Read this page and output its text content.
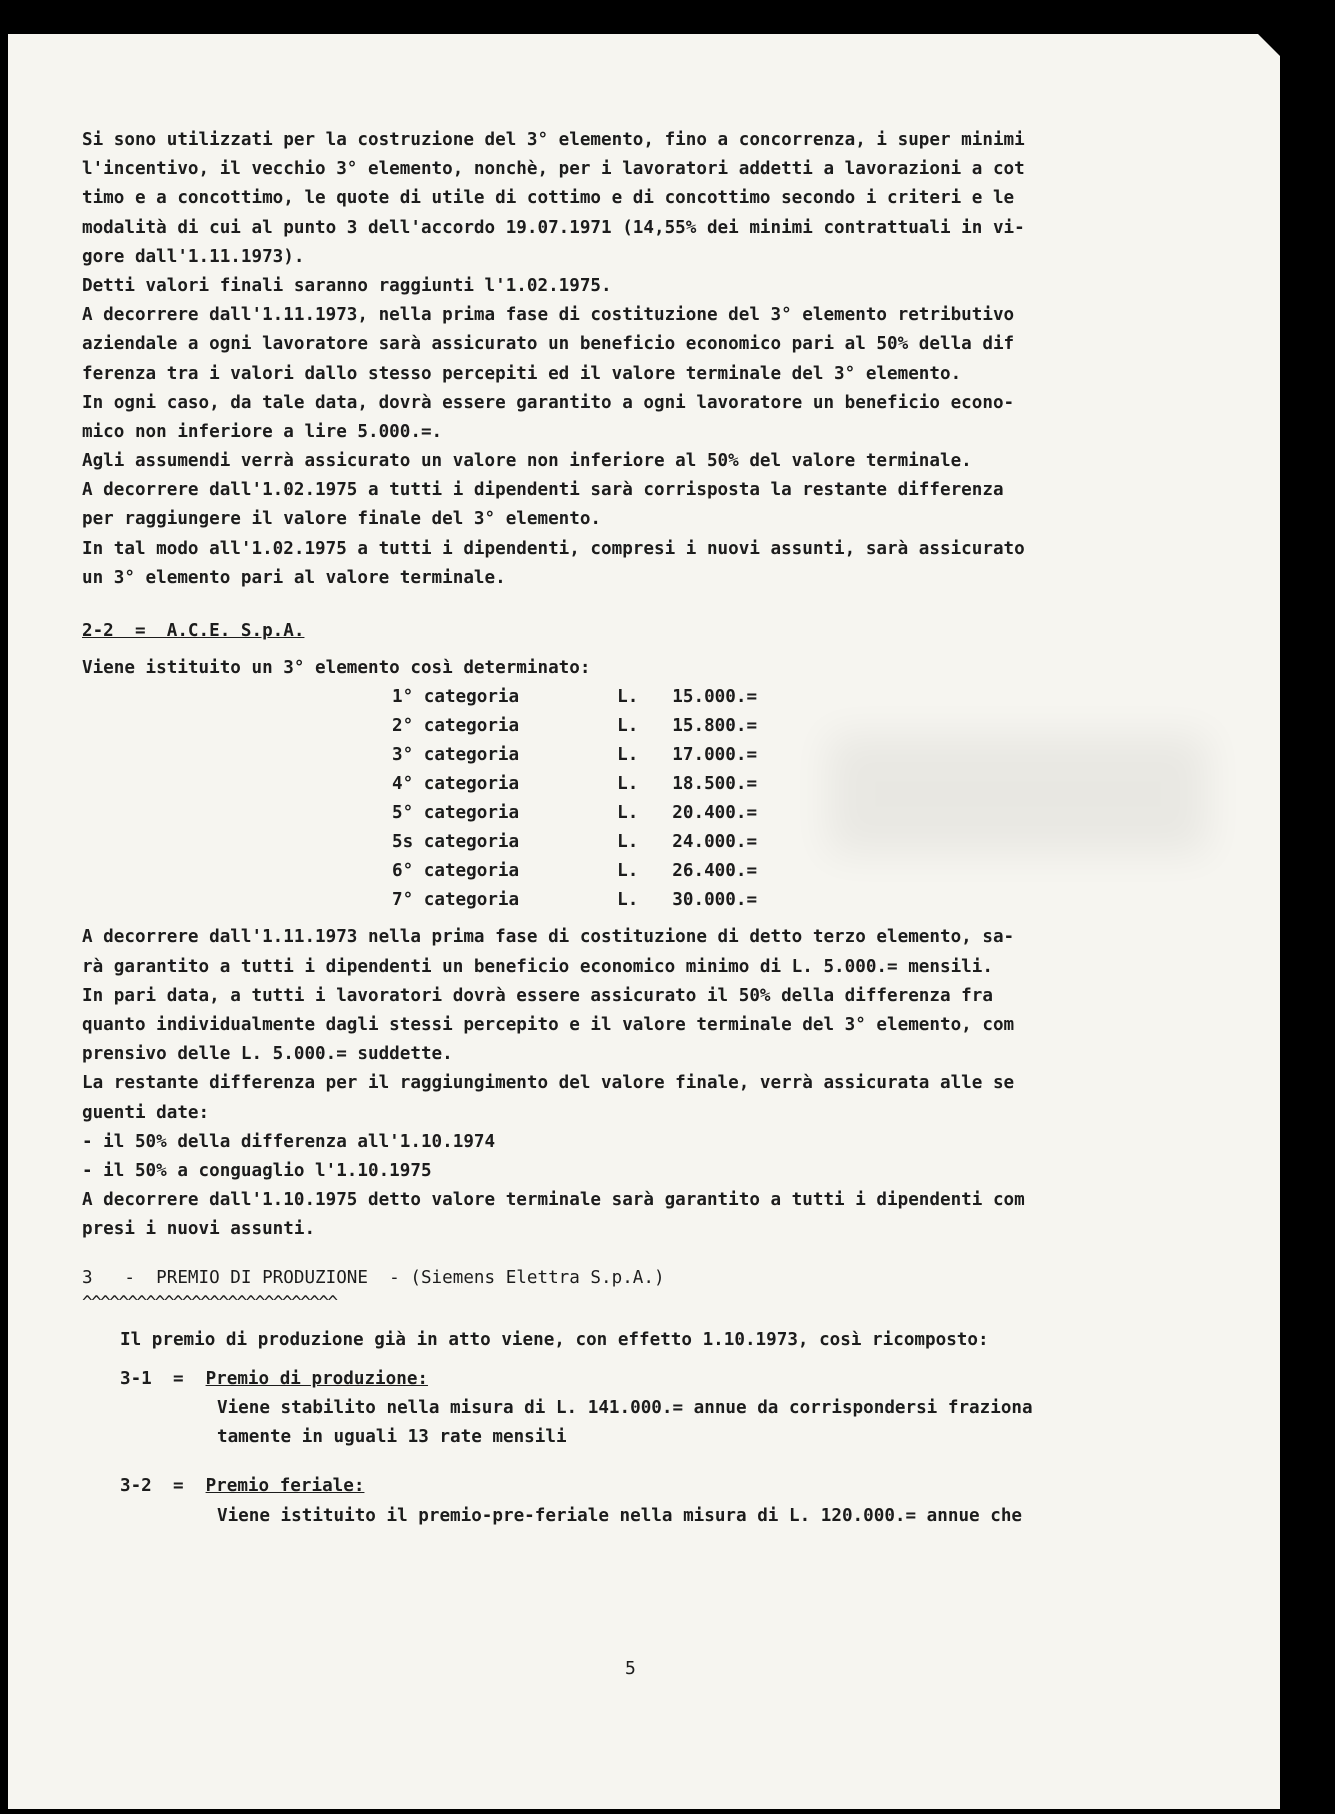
Si sono utilizzati per la costruzione del 3° elemento, fino a concorrenza, i super minimi
l'incentivo, il vecchio 3° elemento, nonchè, per i lavoratori addetti a lavorazioni a cot
timo e a concottimo, le quote di utile di cottimo e di concottimo secondo i criteri e le
modalità di cui al punto 3 dell'accordo 19.07.1971 (14,55% dei minimi contrattuali in vi-
gore dall'1.11.1973).
Detti valori finali saranno raggiunti l'1.02.1975.
A decorrere dall'1.11.1973, nella prima fase di costituzione del 3° elemento retributivo
aziendale a ogni lavoratore sarà assicurato un beneficio economico pari al 50% della dif
ferenza tra i valori dallo stesso percepiti ed il valore terminale del 3° elemento.
In ogni caso, da tale data, dovrà essere garantito a ogni lavoratore un beneficio econo-
mico non inferiore a lire 5.000.=.
Agli assumendi verrà assicurato un valore non inferiore al 50% del valore terminale.
A decorrere dall'1.02.1975 a tutti i dipendenti sarà corrisposta la restante differenza
per raggiungere il valore finale del 3° elemento.
In tal modo all'1.02.1975 a tutti i dipendenti, compresi i nuovi assunti, sarà assicurato
un 3° elemento pari al valore terminale.
2-2  =  A.C.E. S.p.A.
Viene istituito un 3° elemento così determinato:
1° categoria	L. 15.000.=
2° categoria	L. 15.800.=
3° categoria	L. 17.000.=
4° categoria	L. 18.500.=
5° categoria	L. 20.400.=
5s categoria	L. 24.000.=
6° categoria	L. 26.400.=
7° categoria	L. 30.000.=
A decorrere dall'1.11.1973 nella prima fase di costituzione di detto terzo elemento, sa-
rà garantito a tutti i dipendenti un beneficio economico minimo di L. 5.000.= mensili.
In pari data, a tutti i lavoratori dovrà essere assicurato il 50% della differenza fra
quanto individualmente dagli stessi percepito e il valore terminale del 3° elemento, com
prensivo delle L. 5.000.= suddette.
La restante differenza per il raggiungimento del valore finale, verrà assicurata alle se
guenti date:
- il 50% della differenza all'1.10.1974
- il 50% a conguaglio l'1.10.1975
A decorrere dall'1.10.1975 detto valore terminale sarà garantito a tutti i dipendenti com
presi i nuovi assunti.
3   -  PREMIO DI PRODUZIONE  - (Siemens Elettra S.p.A.)
^^^^^^^^^^^^^^^^^^^^^^^^^^^^
Il premio di produzione già in atto viene, con effetto 1.10.1973, così ricomposto:
3-1  = Premio di produzione:
Viene stabilito nella misura di L. 141.000.= annue da corrispondersi fraziona
tamente in uguali 13 rate mensili
3-2  = Premio feriale:
Viene istituito il premio-pre-feriale nella misura di L. 120.000.= annue che
5
